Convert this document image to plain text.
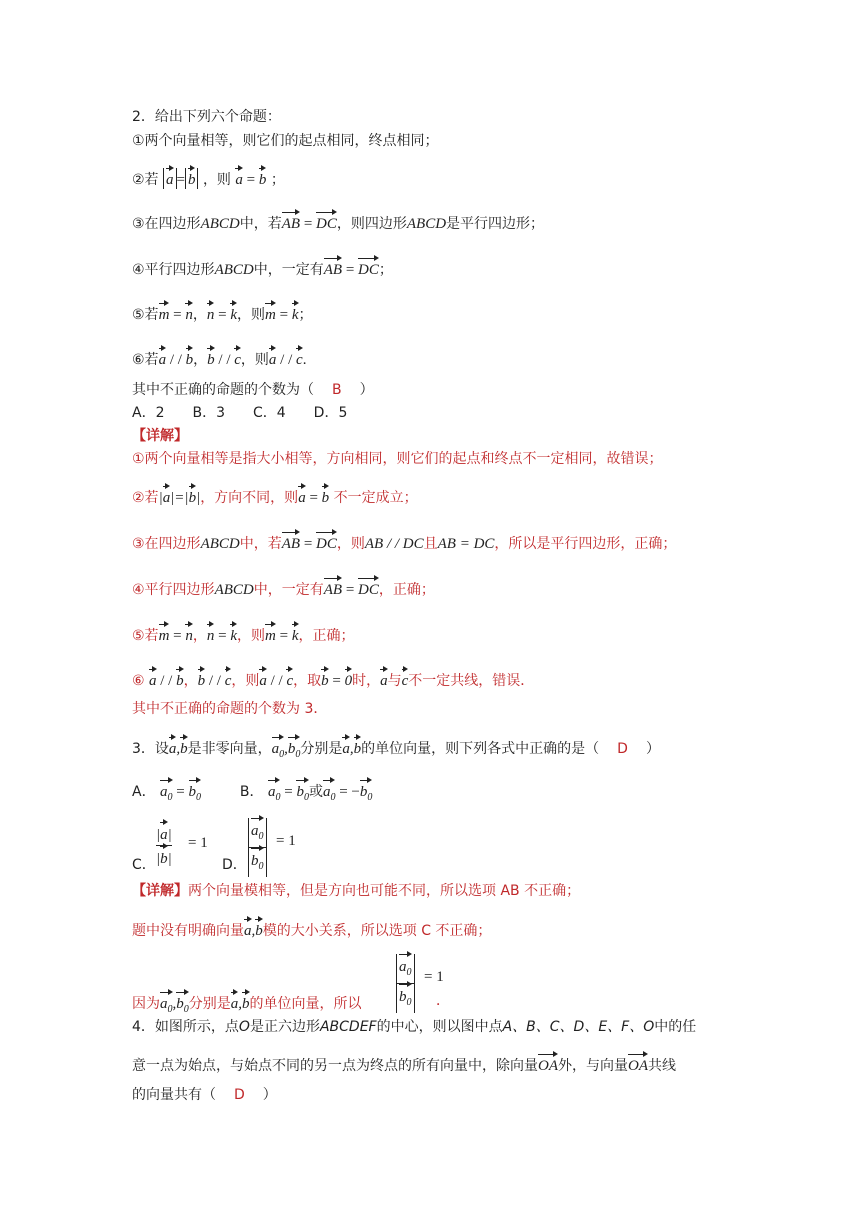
2．给出下列六个命题：
①两个向量相等，则它们的起点相同，终点相同；
②若 a = b ，则 a = b ；
③在四边形ABCD中，若AB = DC，则四边形ABCD是平行四边形；
④平行四边形ABCD中，一定有AB = DC；
⑤若m = n，n = k，则m = k；
⑥若a / / b，b / / c，则a / / c.
其中不正确的命题的个数为（ B ）
A．2　　B．3　　C．4　　D．5
【详解】
①两个向量相等是指大小相等，方向相同，则它们的起点和终点不一定相同，故错误；
②若|a|=|b|，方向不同，则a = b 不一定成立；
③在四边形ABCD中，若AB = DC，则AB / / DC且AB = DC，所以是平行四边形，正确；
④平行四边形ABCD中，一定有AB = DC，正确；
⑤若m = n，n = k，则m = k，正确；
⑥ a / / b，b / / c，则a / / c，取b = 0时，a与c不一定共线，错误．
其中不正确的命题的个数为 3．
3．设a,b是非零向量，$a_0,b_0$分别是a,b的单位向量，则下列各式中正确的是（ D ）
A． $a_0 = b_0$	B． $a_0 = b_0$或$a_0 = -b_0$
C． $\frac{|a|}{|b|} = 1$
D． $\frac{a_0}{b_0} = 1$
【详解】两个向量模相等，但是方向也可能不同，所以选项 AB 不正确；
题中没有明确向量a,b模的大小关系，所以选项 C 不正确；
因为$a_0,b_0$分别是a,b的单位向量，所以 $\frac{a_0}{b_0} = 1$
．
4．如图所示，点O是正六边形ABCDEF的中心，则以图中点A、B、C、D、E、F、O中的任
意一点为始点，与始点不同的另一点为终点的所有向量中，除向量OA外，与向量OA共线
的向量共有（ D ）
